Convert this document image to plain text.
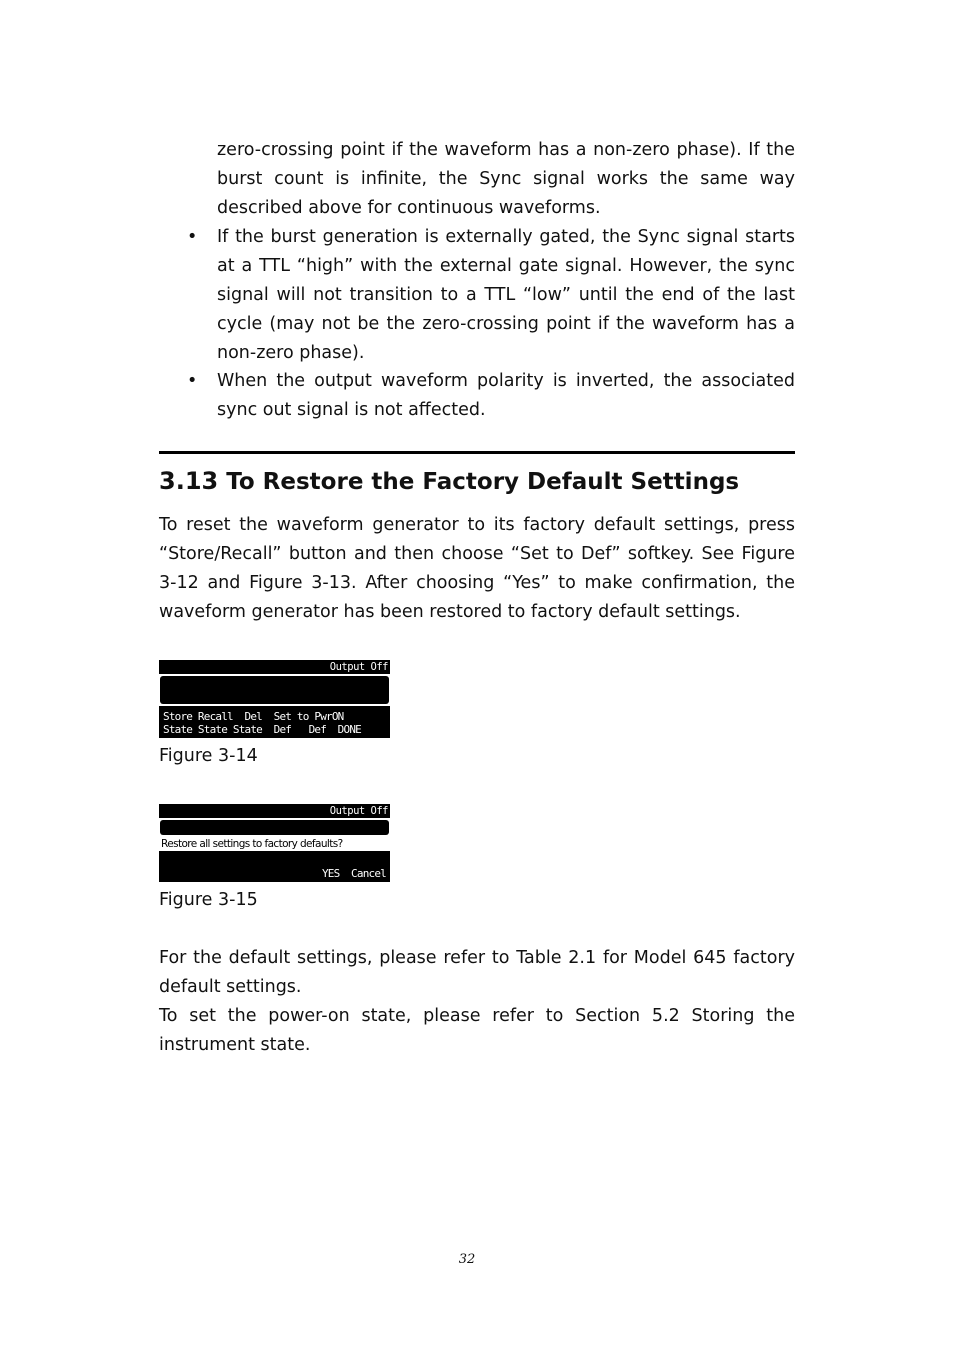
zero-crossing point if the waveform has a non-zero phase). If the burst count is infinite, the Sync signal works the same way described above for continuous waveforms.

• If the burst generation is externally gated, the Sync signal starts at a TTL “high” with the external gate signal. However, the sync signal will not transition to a TTL “low” until the end of the last cycle (may not be the zero-crossing point if the waveform has a non-zero phase).

• When the output waveform polarity is inverted, the associated sync out signal is not affected.

3.13 To Restore the Factory Default Settings

To reset the waveform generator to its factory default settings, press “Store/Recall” button and then choose “Set to Def” softkey. See Figure 3-12 and Figure 3-13. After choosing “Yes” to make confirmation, the waveform generator has been restored to factory default settings.

Output Off
Store Recall  Del  Set to PwrON
State State State  Def   Def  DONE

Figure 3-14

Output Off
Restore all settings to factory defaults?
YES  Cancel

Figure 3-15

For the default settings, please refer to Table 2.1 for Model 645 factory default settings.

To set the power-on state, please refer to Section 5.2 Storing the instrument state.

32
